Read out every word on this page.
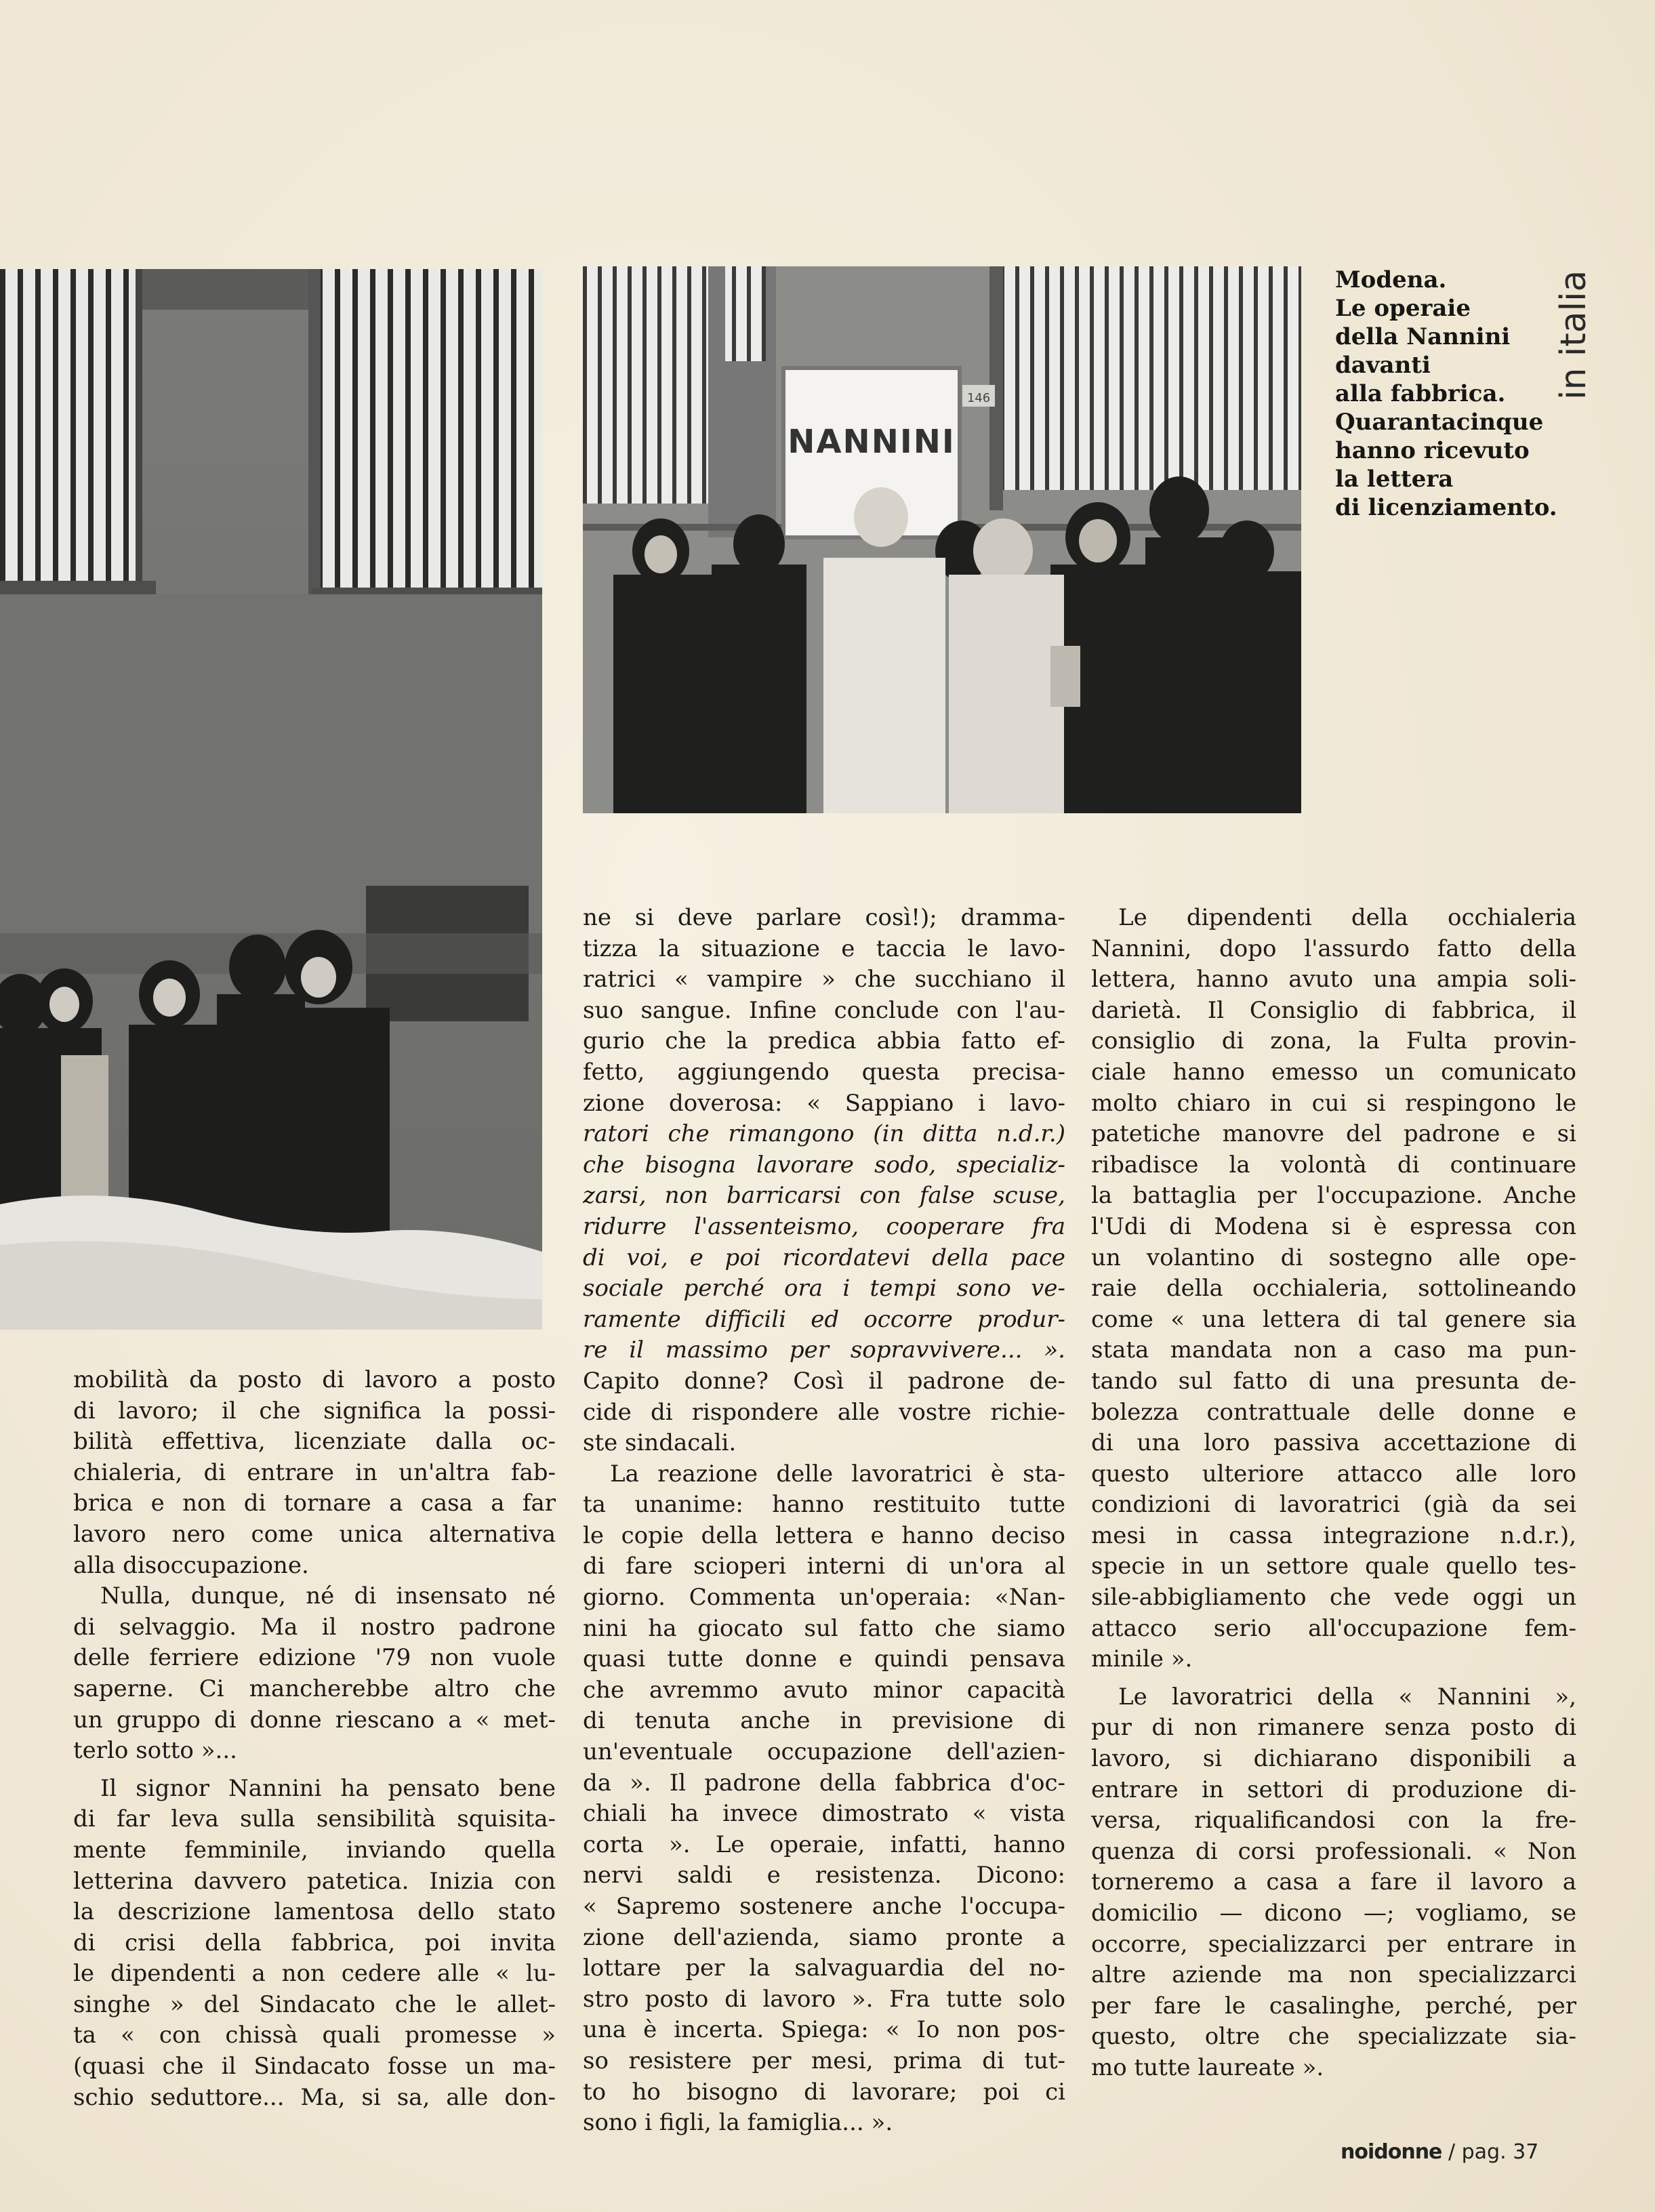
NANNINI
146
Modena.
Le operaie
della Nannini
davanti
alla fabbrica.
Quarantacinque
hanno ricevuto
la lettera
di licenziamento.
in italia
mobilità da posto di lavoro a posto
di lavoro; il che significa la possi-
bilità effettiva, licenziate dalla oc-
chialeria, di entrare in un'altra fab-
brica e non di tornare a casa a far
lavoro nero come unica alternativa
alla disoccupazione.
Nulla, dunque, né di insensato né
di selvaggio. Ma il nostro padrone
delle ferriere edizione '79 non vuole
saperne. Ci mancherebbe altro che
un gruppo di donne riescano a « met-
terlo sotto »...
Il signor Nannini ha pensato bene
di far leva sulla sensibilità squisita-
mente femminile, inviando quella
letterina davvero patetica. Inizia con
la descrizione lamentosa dello stato
di crisi della fabbrica, poi invita
le dipendenti a non cedere alle « lu-
singhe » del Sindacato che le allet-
ta « con chissà quali promesse »
(quasi che il Sindacato fosse un ma-
schio seduttore... Ma, si sa, alle don-
ne si deve parlare così!); dramma-
tizza la situazione e taccia le lavo-
ratrici « vampire » che succhiano il
suo sangue. Infine conclude con l'au-
gurio che la predica abbia fatto ef-
fetto, aggiungendo questa precisa-
zione doverosa: « Sappiano i lavo-
ratori che rimangono (in ditta n.d.r.)
che bisogna lavorare sodo, specializ-
zarsi, non barricarsi con false scuse,
ridurre l'assenteismo, cooperare fra
di voi, e poi ricordatevi della pace
sociale perché ora i tempi sono ve-
ramente difficili ed occorre produr-
re il massimo per sopravvivere... ».
Capito donne? Così il padrone de-
cide di rispondere alle vostre richie-
ste sindacali.
La reazione delle lavoratrici è sta-
ta unanime: hanno restituito tutte
le copie della lettera e hanno deciso
di fare scioperi interni di un'ora al
giorno. Commenta un'operaia: «Nan-
nini ha giocato sul fatto che siamo
quasi tutte donne e quindi pensava
che avremmo avuto minor capacità
di tenuta anche in previsione di
un'eventuale occupazione dell'azien-
da ». Il padrone della fabbrica d'oc-
chiali ha invece dimostrato « vista
corta ». Le operaie, infatti, hanno
nervi saldi e resistenza. Dicono:
« Sapremo sostenere anche l'occupa-
zione dell'azienda, siamo pronte a
lottare per la salvaguardia del no-
stro posto di lavoro ». Fra tutte solo
una è incerta. Spiega: « Io non pos-
so resistere per mesi, prima di tut-
to ho bisogno di lavorare; poi ci
sono i figli, la famiglia... ».
Le dipendenti della occhialeria
Nannini, dopo l'assurdo fatto della
lettera, hanno avuto una ampia soli-
darietà. Il Consiglio di fabbrica, il
consiglio di zona, la Fulta provin-
ciale hanno emesso un comunicato
molto chiaro in cui si respingono le
patetiche manovre del padrone e si
ribadisce la volontà di continuare
la battaglia per l'occupazione. Anche
l'Udi di Modena si è espressa con
un volantino di sostegno alle ope-
raie della occhialeria, sottolineando
come « una lettera di tal genere sia
stata mandata non a caso ma pun-
tando sul fatto di una presunta de-
bolezza contrattuale delle donne e
di una loro passiva accettazione di
questo ulteriore attacco alle loro
condizioni di lavoratrici (già da sei
mesi in cassa integrazione n.d.r.),
specie in un settore quale quello tes-
sile-abbigliamento che vede oggi un
attacco serio all'occupazione fem-
minile ».
Le lavoratrici della « Nannini »,
pur di non rimanere senza posto di
lavoro, si dichiarano disponibili a
entrare in settori di produzione di-
versa, riqualificandosi con la fre-
quenza di corsi professionali. « Non
torneremo a casa a fare il lavoro a
domicilio — dicono —; vogliamo, se
occorre, specializzarci per entrare in
altre aziende ma non specializzarci
per fare le casalinghe, perché, per
questo, oltre che specializzate sia-
mo tutte laureate ».
noidonne / pag. 37
